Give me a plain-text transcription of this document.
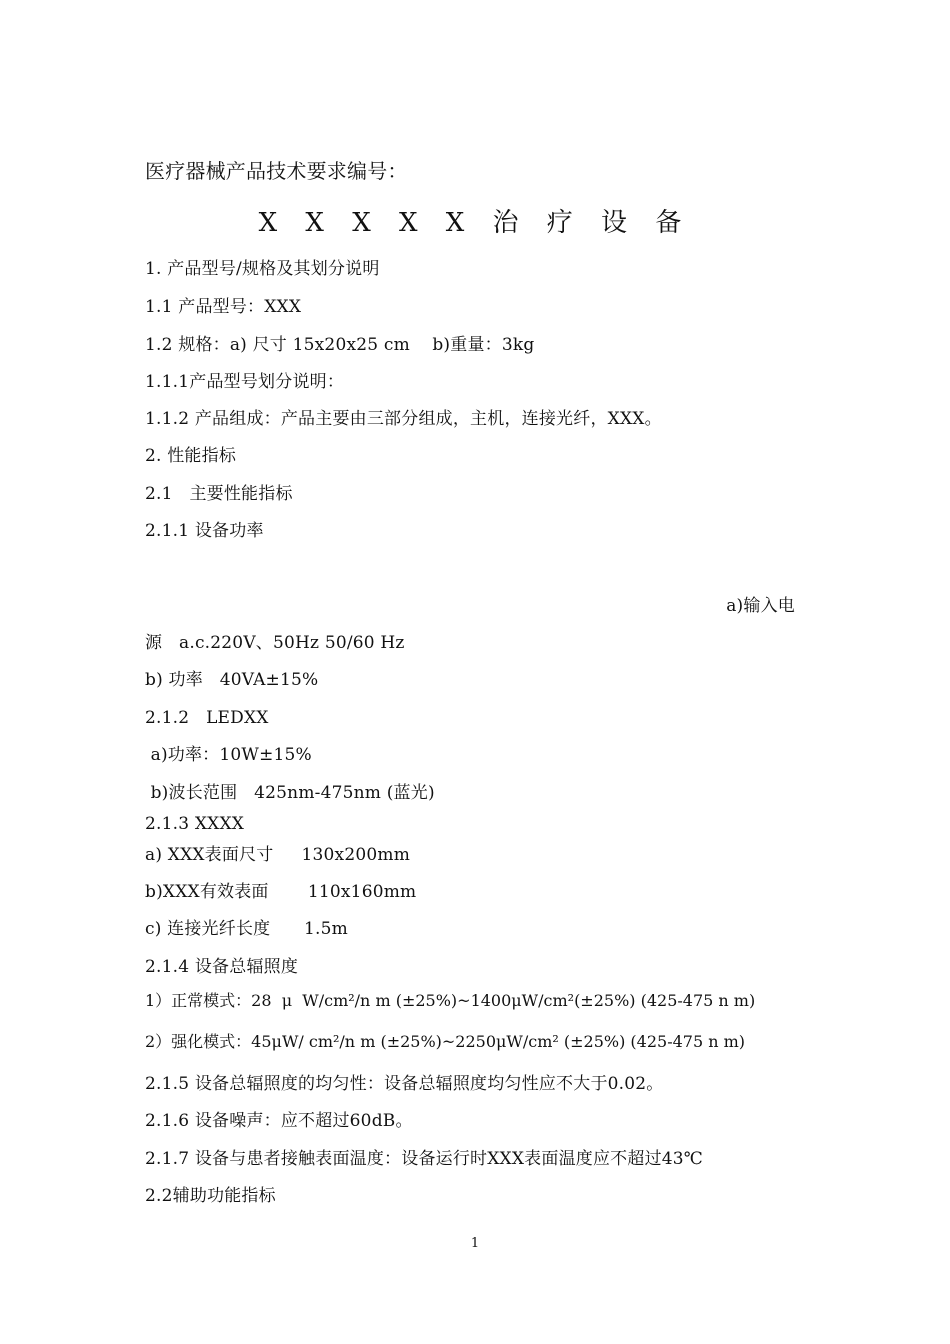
医疗器械产品技术要求编号：
X X X X X 治 疗 设 备
1. 产品型号/规格及其划分说明
1.1 产品型号：XXX
1.2 规格：a) 尺寸 15x20x25 cm    b)重量：3kg
1.1.1产品型号划分说明：
1.1.2 产品组成：产品主要由三部分组成，主机，连接光纤，XXX。
2. 性能指标
2.1   主要性能指标
2.1.1 设备功率
a)输入电
源   a.c.220V、50Hz 50/60 Hz
b) 功率   40VA±15%
2.1.2   LEDXX
a)功率：10W±15%
b)波长范围   425nm-475nm (蓝光)
2.1.3 XXXX
a) XXX表面尺寸     130x200mm
b)XXX有效表面       110x160mm
c) 连接光纤长度      1.5m
2.1.4 设备总辐照度
1）正常模式：28  μ  W/cm²/n m (±25%)~1400μW/cm²(±25%) (425-475 n m)
2）强化模式：45μW/ cm²/n m (±25%)~2250μW/cm² (±25%) (425-475 n m)
2.1.5 设备总辐照度的均匀性：设备总辐照度均匀性应不大于0.02。
2.1.6 设备噪声：应不超过60dB。
2.1.7 设备与患者接触表面温度：设备运行时XXX表面温度应不超过43℃
2.2辅助功能指标
1
